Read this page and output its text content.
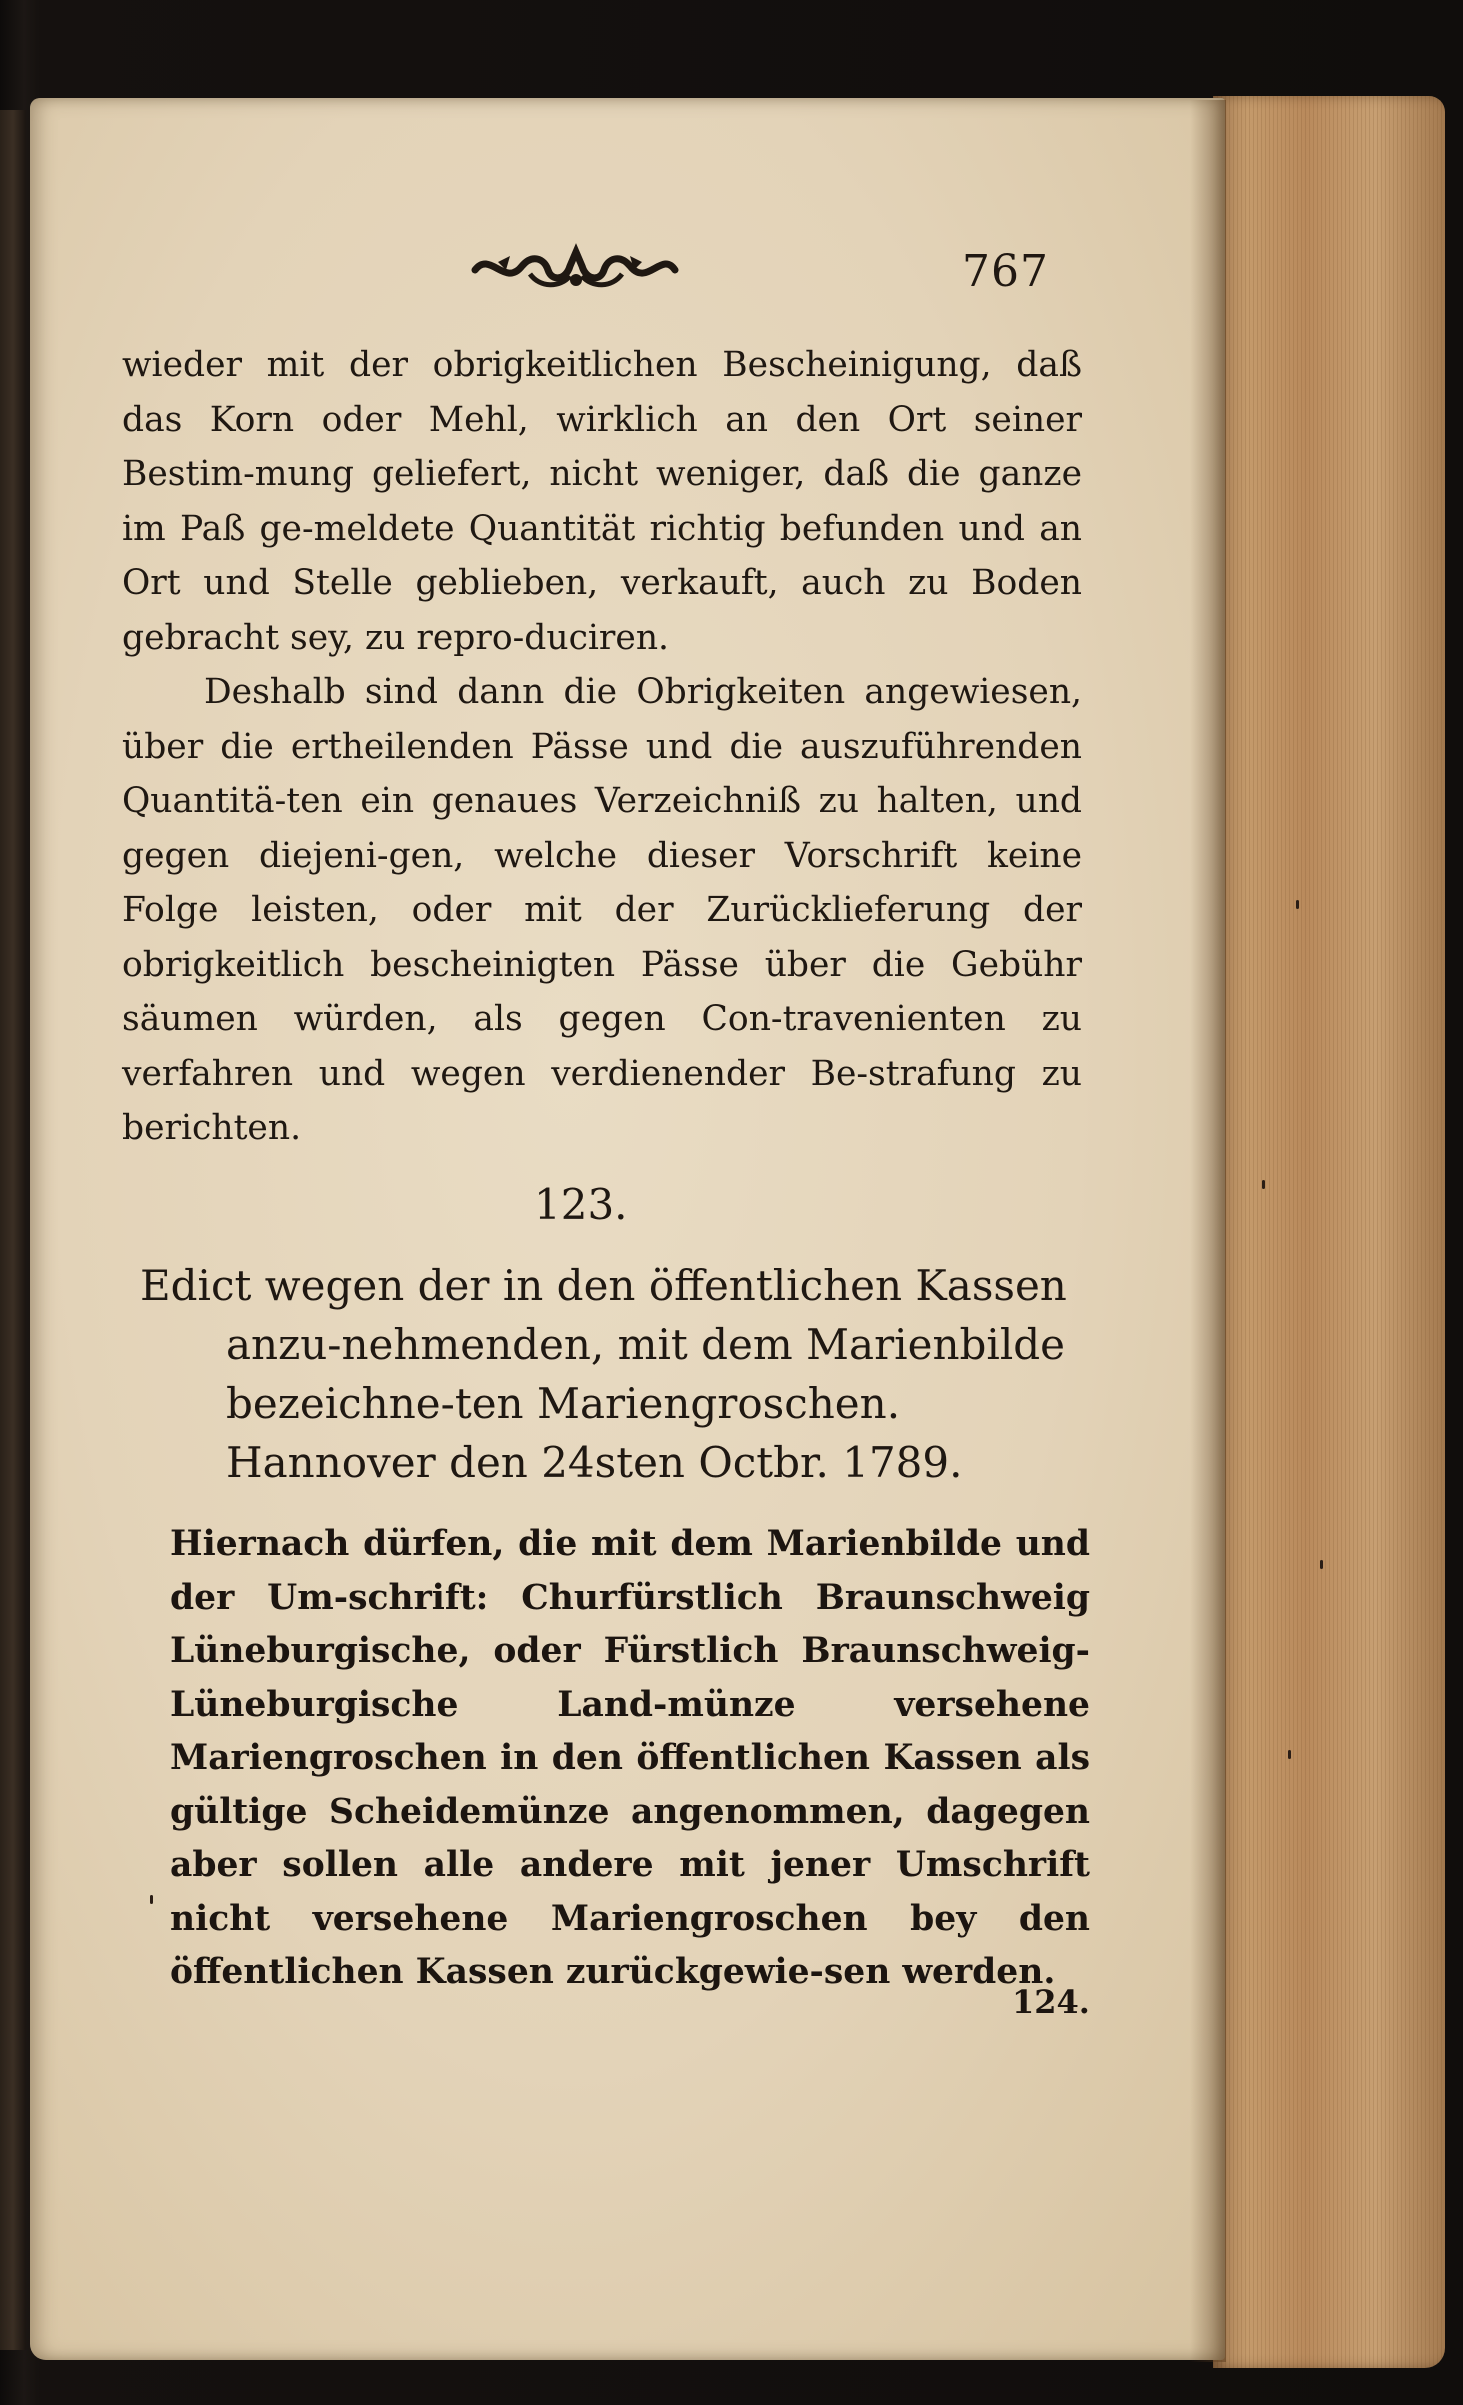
767

wieder mit der obrigkeitlichen Bescheinigung, daß das Korn oder Mehl, wirklich an den Ort seiner Bestim-mung geliefert, nicht weniger, daß die ganze im Paß ge-meldete Quantität richtig befunden und an Ort und Stelle geblieben, verkauft, auch zu Boden gebracht sey, zu repro-duciren.

Deshalb sind dann die Obrigkeiten angewiesen, über die ertheilenden Pässe und die auszuführenden Quantitä-ten ein genaues Verzeichniß zu halten, und gegen diejeni-gen, welche dieser Vorschrift keine Folge leisten, oder mit der Zurücklieferung der obrigkeitlich bescheinigten Pässe über die Gebühr säumen würden, als gegen Con-travenienten zu verfahren und wegen verdienender Be-strafung zu berichten.

123.
Edict wegen der in den öffentlichen Kassen anzu-nehmenden, mit dem Marienbilde bezeichne-ten Mariengroschen. Hannover den 24sten Octbr. 1789.
Hiernach dürfen, die mit dem Marienbilde und der Um-schrift: Churfürstlich Braunschweig Lüneburgische, oder Fürstlich Braunschweig-Lüneburgische Land-münze versehene Mariengroschen in den öffentlichen Kassen als gültige Scheidemünze angenommen, dagegen aber sollen alle andere mit jener Umschrift nicht versehene Mariengroschen bey den öffentlichen Kassen zurückgewie-sen werden.
124.
